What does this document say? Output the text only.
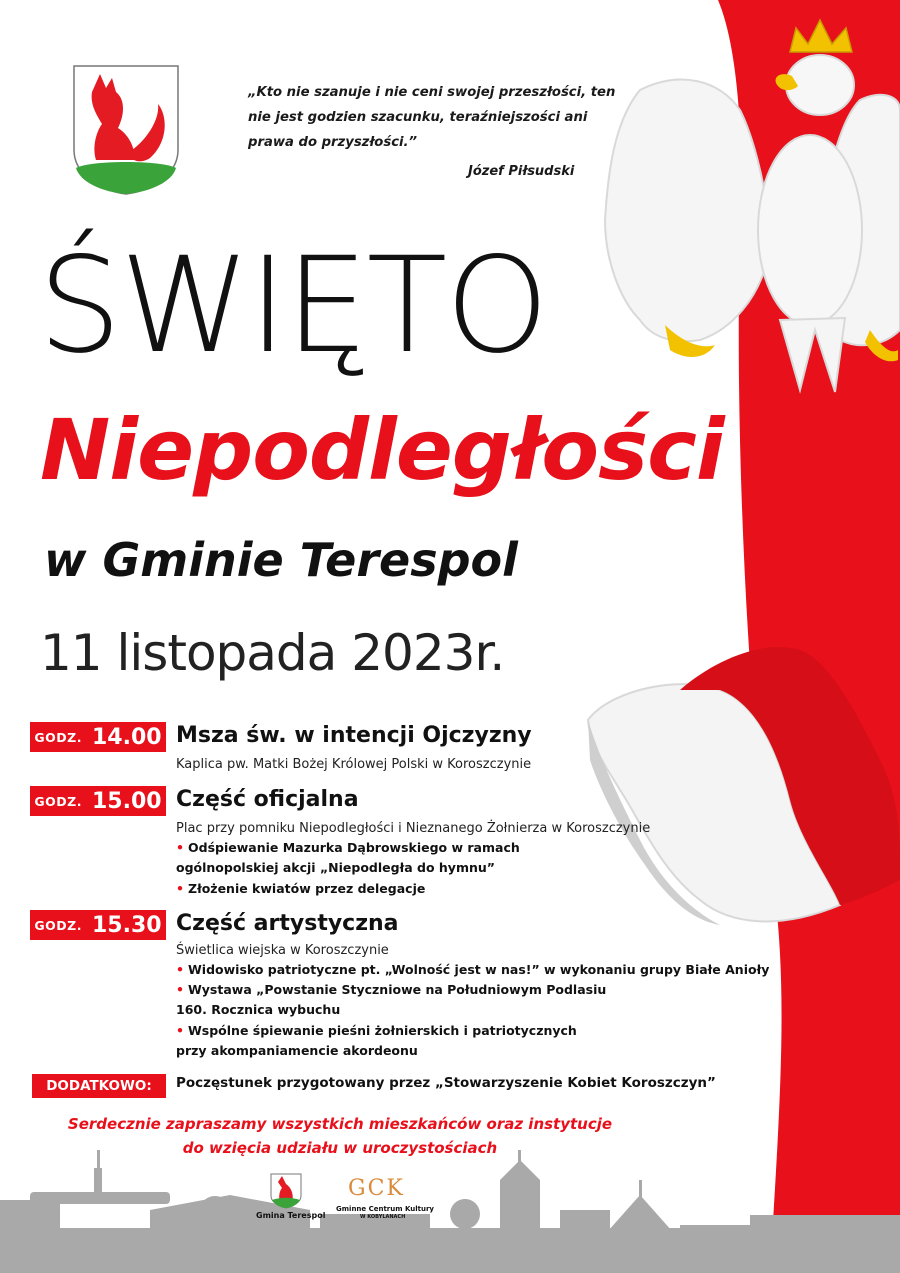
„Kto nie szanuje i nie ceni swojej przeszłości, ten nie jest godzien szacunku, teraźniejszości ani prawa do przyszłości.”
Józef Piłsudski
ŚWIĘTO
Niepodległości
w Gminie Terespol
11 listopada 2023r.
GODZ. 14.00 Msza św. w intencji Ojczyzny
Kaplica pw. Matki Bożej Królowej Polski w Koroszczynie
GODZ. 15.00 Część oficjalna
Plac przy pomniku Niepodległości i Nieznanego Żołnierza w Koroszczynie
• Odśpiewanie Mazurka Dąbrowskiego w ramach ogólnopolskiej akcji „Niepodległa do hymnu”
• Złożenie kwiatów przez delegacje
GODZ. 15.30 Część artystyczna
Świetlica wiejska w Koroszczynie
• Widowisko patriotyczne pt. „Wolność jest w nas!” w wykonaniu grupy Białe Anioły
• Wystawa „Powstanie Styczniowe na Południowym Podlasiu 160. Rocznica wybuchu
• Wspólne śpiewanie pieśni żołnierskich i patriotycznych przy akompaniamencie akordeonu
DODATKOWO:	Poczęstunek przygotowany przez „Stowarzyszenie Kobiet Koroszczyn”
Serdecznie zapraszamy wszystkich mieszkańców oraz instytucje
do wzięcia udziału w uroczystościach
Gmina Terespol
GCK
Gminne Centrum Kultury
W KOBYLANACH
